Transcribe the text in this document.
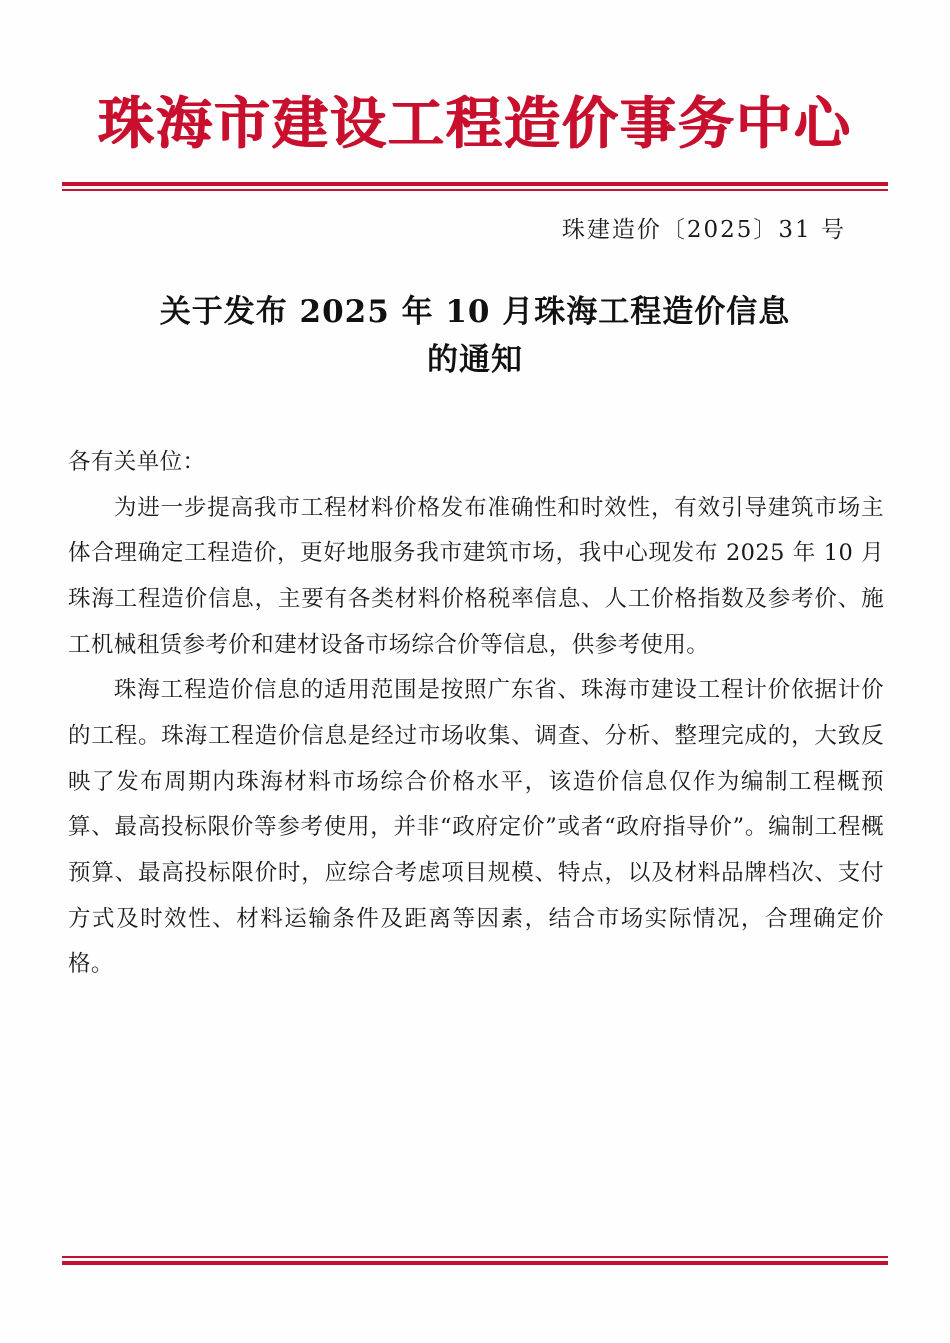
珠海市建设工程造价事务中心
珠建造价〔2025〕31 号
关于发布 2025 年 10 月珠海工程造价信息
的通知

各有关单位：

为进一步提高我市工程材料价格发布准确性和时效性，有效引导建筑市场主体合理确定工程造价，更好地服务我市建筑市场，我中心现发布 2025 年 10 月珠海工程造价信息，主要有各类材料价格税率信息、人工价格指数及参考价、施工机械租赁参考价和建材设备市场综合价等信息，供参考使用。

珠海工程造价信息的适用范围是按照广东省、珠海市建设工程计价依据计价的工程。珠海工程造价信息是经过市场收集、调查、分析、整理完成的，大致反映了发布周期内珠海材料市场综合价格水平，该造价信息仅作为编制工程概预算、最高投标限价等参考使用，并非“政府定价”或者“政府指导价”。编制工程概预算、最高投标限价时，应综合考虑项目规模、特点，以及材料品牌档次、支付方式及时效性、材料运输条件及距离等因素，结合市场实际情况，合理确定价格。
